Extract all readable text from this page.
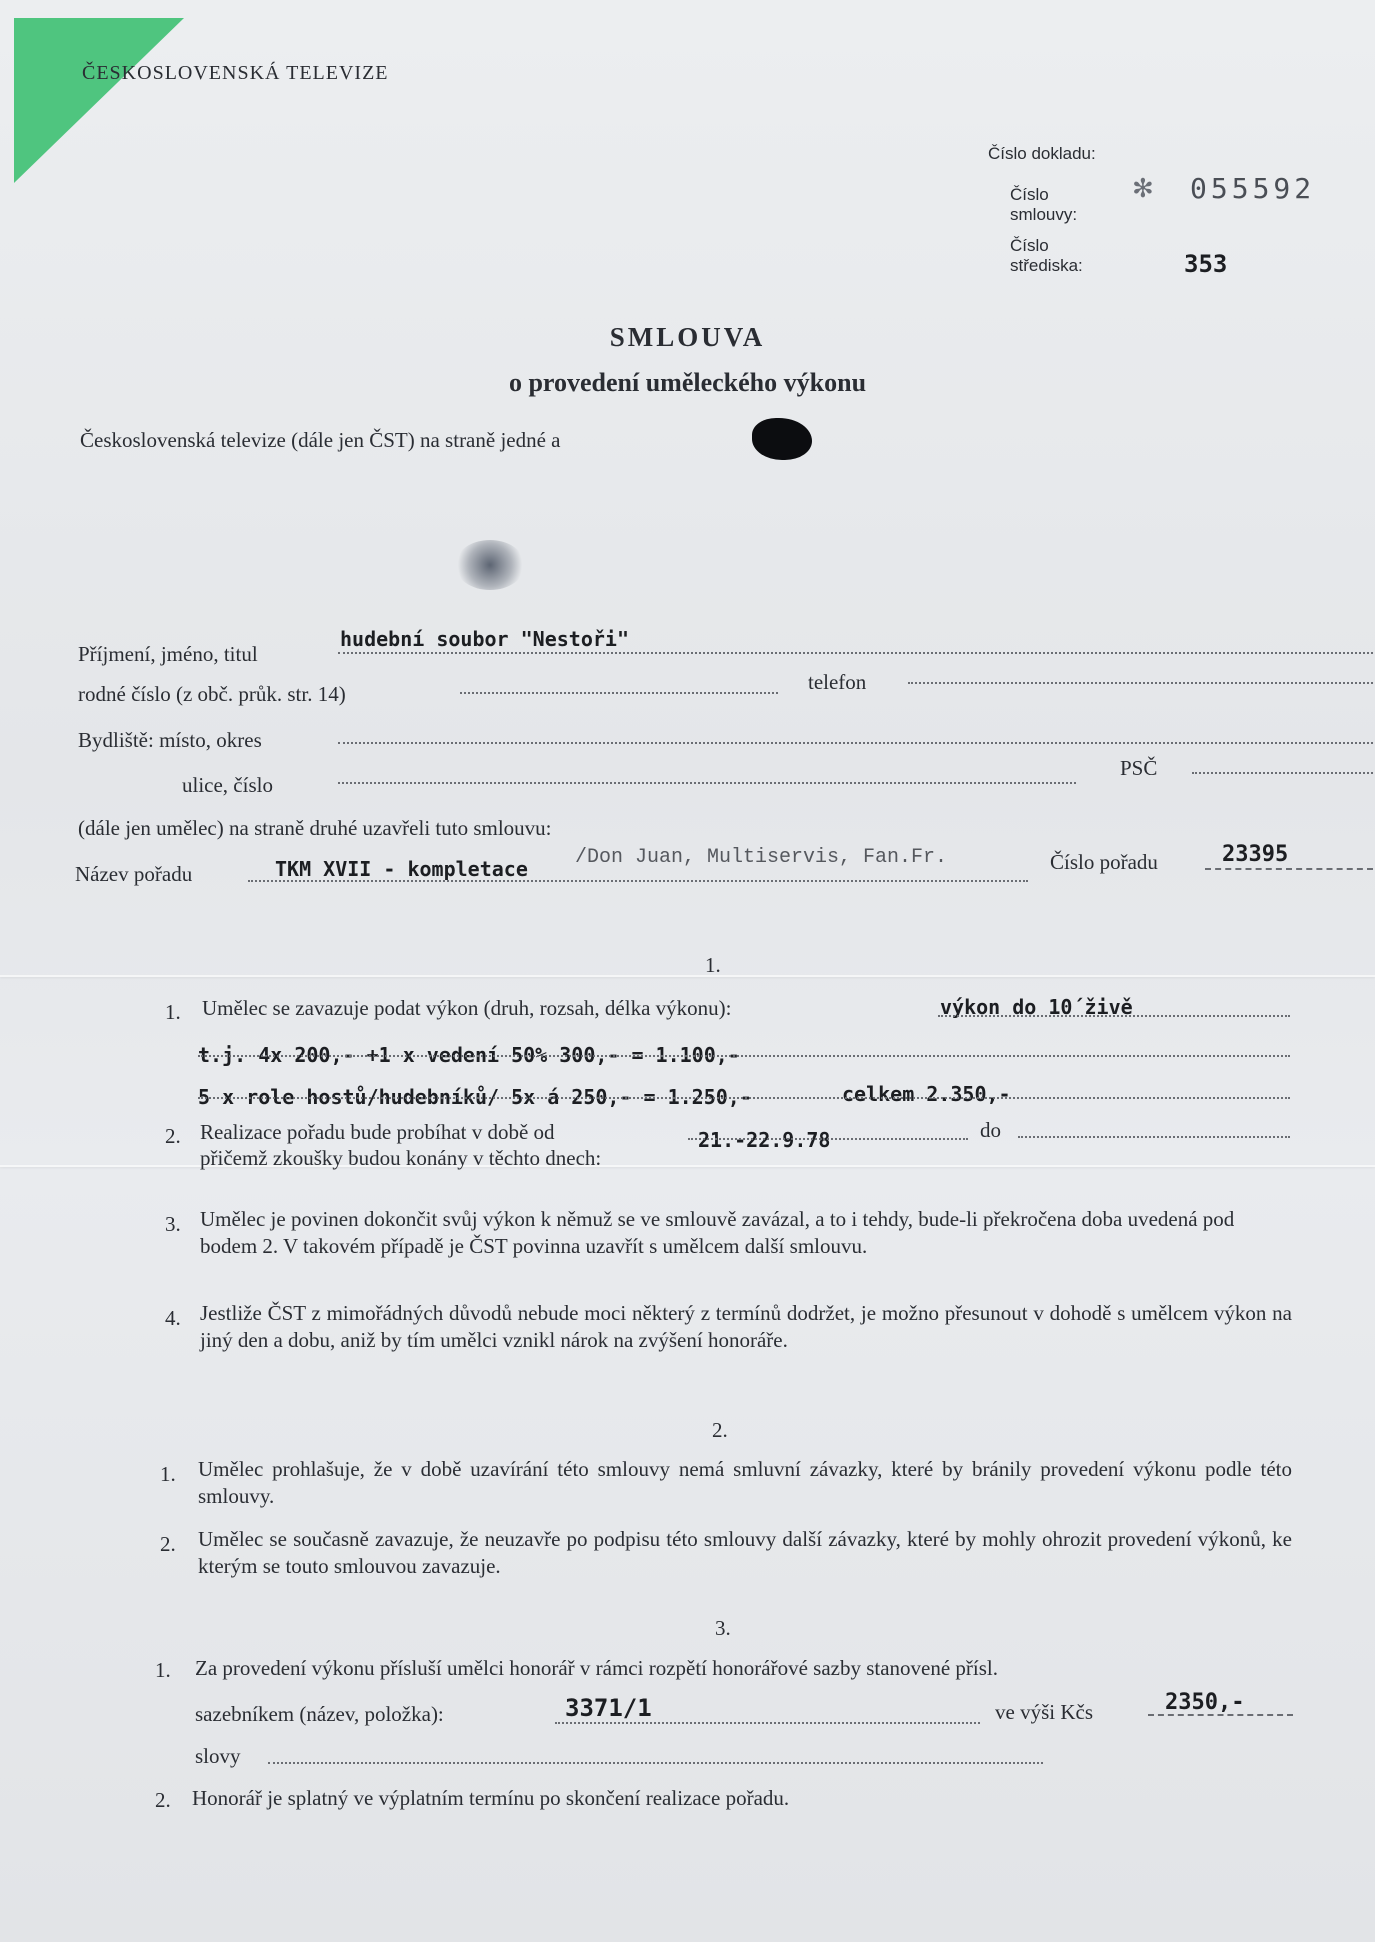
ČESKOSLOVENSKÁ TELEVIZE
Číslo dokladu:
Číslo
smlouvy:
✻ 055592
Číslo
střediska:	353
SMLOUVA
o provedení uměleckého výkonu
Československá televize (dále jen ČST) na straně jedné a
Příjmení, jméno, titul
hudební soubor "Nestoři"
rodné číslo (z obč. průk. str. 14)	telefon
Bydliště: místo, okres
ulice, číslo
PSČ
(dále jen umělec) na straně druhé uzavřeli tuto smlouvu:
Název pořadu	TKM XVII - kompletace /Don Juan, Multiservis, Fan.Fr.	Číslo pořadu	23395
1.
1. Umělec se zavazuje podat výkon (druh, rozsah, délka výkonu):	výkon do 10´živě
t.j. 4x 200,- +1 x vedení 50% 300,- = 1.100,-
5 x role hostů/hudebníků/ 5x á 250,- = 1.250,-	celkem 2.350,-
2. Realizace pořadu bude probíhat v době od	21.-22.9.78	do
přičemž zkoušky budou konány v těchto dnech:
3. Umělec je povinen dokončit svůj výkon k němuž se ve smlouvě zavázal, a to i tehdy, bude-li překročena doba uvedená pod bodem 2. V takovém případě je ČST povinna uzavřít s umělcem další smlouvu.
4. Jestliže ČST z mimořádných důvodů nebude moci některý z termínů dodržet, je možno přesunout v dohodě s umělcem výkon na jiný den a dobu, aniž by tím umělci vznikl nárok na zvýšení honoráře.
2.
1. Umělec prohlašuje, že v době uzavírání této smlouvy nemá smluvní závazky, které by bránily provedení výkonu podle této smlouvy.
2. Umělec se současně zavazuje, že neuzavře po podpisu této smlouvy další závazky, které by mohly ohrozit provedení výkonů, ke kterým se touto smlouvou zavazuje.
3.
1. Za provedení výkonu přísluší umělci honorář v rámci rozpětí honorářové sazby stanovené přísl.
sazebníkem (název, položka):	3371/1	ve výši Kčs	2350,-
slovy
2. Honorář je splatný ve výplatním termínu po skončení realizace pořadu.
